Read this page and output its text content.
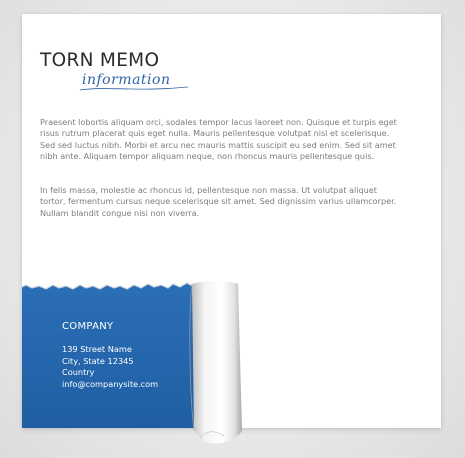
TORN MEMO
information

Praesent lobortis aliquam orci, sodales tempor lacus laoreet non. Quisque et turpis eget risus rutrum placerat quis eget nulla. Mauris pellentesque volutpat nisl et scelerisque. Sed sed luctus nibh. Morbi et arcu nec mauris mattis suscipit eu sed enim. Sed sit amet nibh ante. Aliquam tempor aliquam neque, non rhoncus mauris pellentesque quis.

In felis massa, molestie ac rhoncus id, pellentesque non massa. Ut volutpat aliquet tortor, fermentum cursus neque scelerisque sit amet. Sed dignissim varius ullamcorper. Nullam blandit congue nisi non viverra.

COMPANY
139 Street Name
City, State 12345
Country
info@companysite.com
